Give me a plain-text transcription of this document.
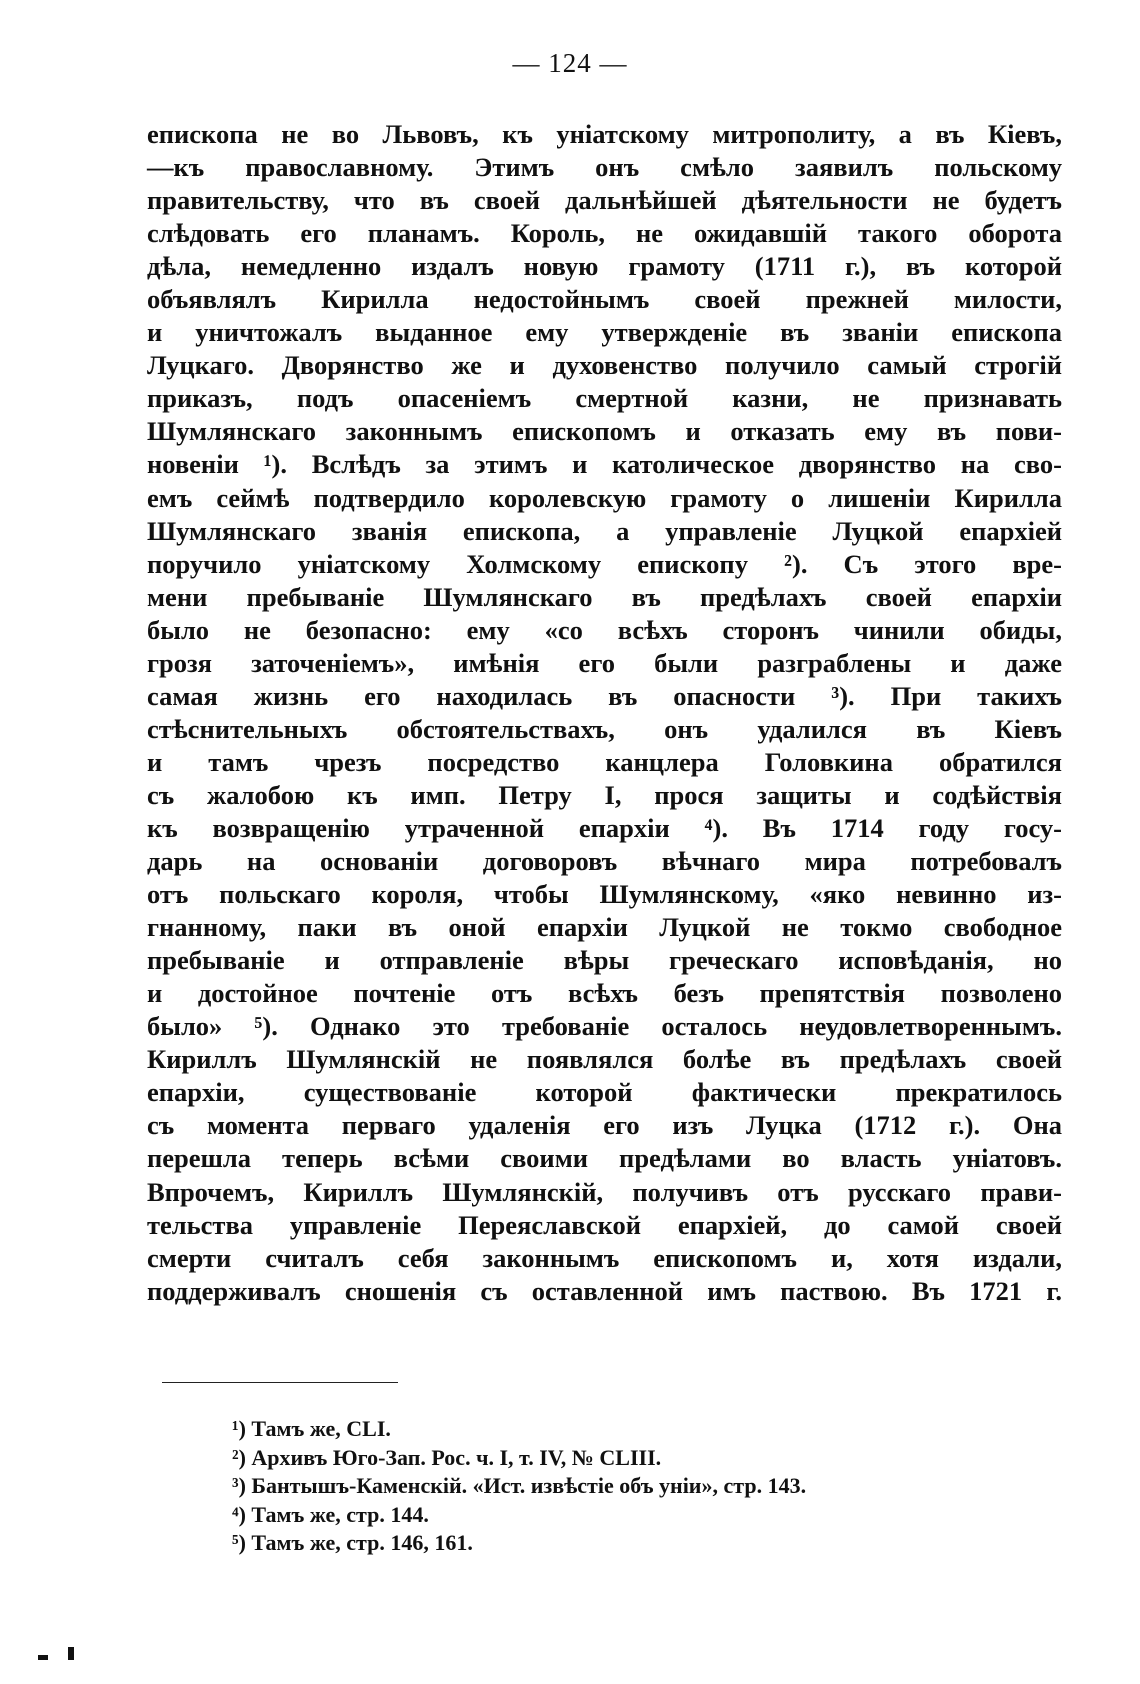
— 124 —
епископа не во Львовъ, къ уніатскому митрополиту, а въ Кіевъ,
—къ православному. Этимъ онъ смѣло заявилъ польскому
правительству, что въ своей дальнѣйшей дѣятельности не будетъ
слѣдовать его планамъ. Король, не ожидавшій такого оборота
дѣла, немедленно издалъ новую грамоту (1711 г.), въ которой
объявлялъ Кирилла недостойнымъ своей прежней милости,
и уничтожалъ выданное ему утвержденіе въ званіи епископа
Луцкаго. Дворянство же и духовенство получило самый строгій
приказъ, подъ опасеніемъ смертной казни, не признавать
Шумлянскаго законнымъ епископомъ и отказать ему въ пови-
новеніи ¹). Вслѣдъ за этимъ и католическое дворянство на сво-
емъ сеймѣ подтвердило королевскую грамоту о лишеніи Кирилла
Шумлянскаго званія епископа, а управленіе Луцкой епархіей
поручило уніатскому Холмскому епископу ²). Съ этого вре-
мени пребываніе Шумлянскаго въ предѣлахъ своей епархіи
было не безопасно: ему «со всѣхъ сторонъ чинили обиды,
грозя заточеніемъ», имѣнія его были разграблены и даже
самая жизнь его находилась въ опасности ³). При такихъ
стѣснительныхъ обстоятельствахъ, онъ удалился въ Кіевъ
и тамъ чрезъ посредство канцлера Головкина обратился
съ жалобою къ имп. Петру I, прося защиты и содѣйствія
къ возвращенію утраченной епархіи ⁴). Въ 1714 году госу-
дарь на основаніи договоровъ вѣчнаго мира потребовалъ
отъ польскаго короля, чтобы Шумлянскому, «яко невинно из-
гнанному, паки въ оной епархіи Луцкой не токмо свободное
пребываніе и отправленіе вѣры греческаго исповѣданія, но
и достойное почтеніе отъ всѣхъ безъ препятствія позволено
было» ⁵). Однако это требованіе осталось неудовлетвореннымъ.
Кириллъ Шумлянскій не появлялся болѣе въ предѣлахъ своей
епархіи, существованіе которой фактически прекратилось
съ момента перваго удаленія его изъ Луцка (1712 г.). Она
перешла теперь всѣми своими предѣлами во власть уніатовъ.
Впрочемъ, Кириллъ Шумлянскій, получивъ отъ русскаго прави-
тельства управленіе Переяславской епархіей, до самой своей
смерти считалъ себя законнымъ епископомъ и, хотя издали,
поддерживалъ сношенія съ оставленной имъ паствою. Въ 1721 г.
¹) Тамъ же, CLI.
²) Архивъ Юго-Зап. Рос. ч. I, т. IV, № CLIII.
³) Бантышъ-Каменскій. «Ист. извѣстіе объ уніи», стр. 143.
⁴) Тамъ же, стр. 144.
⁵) Тамъ же, стр. 146, 161.
